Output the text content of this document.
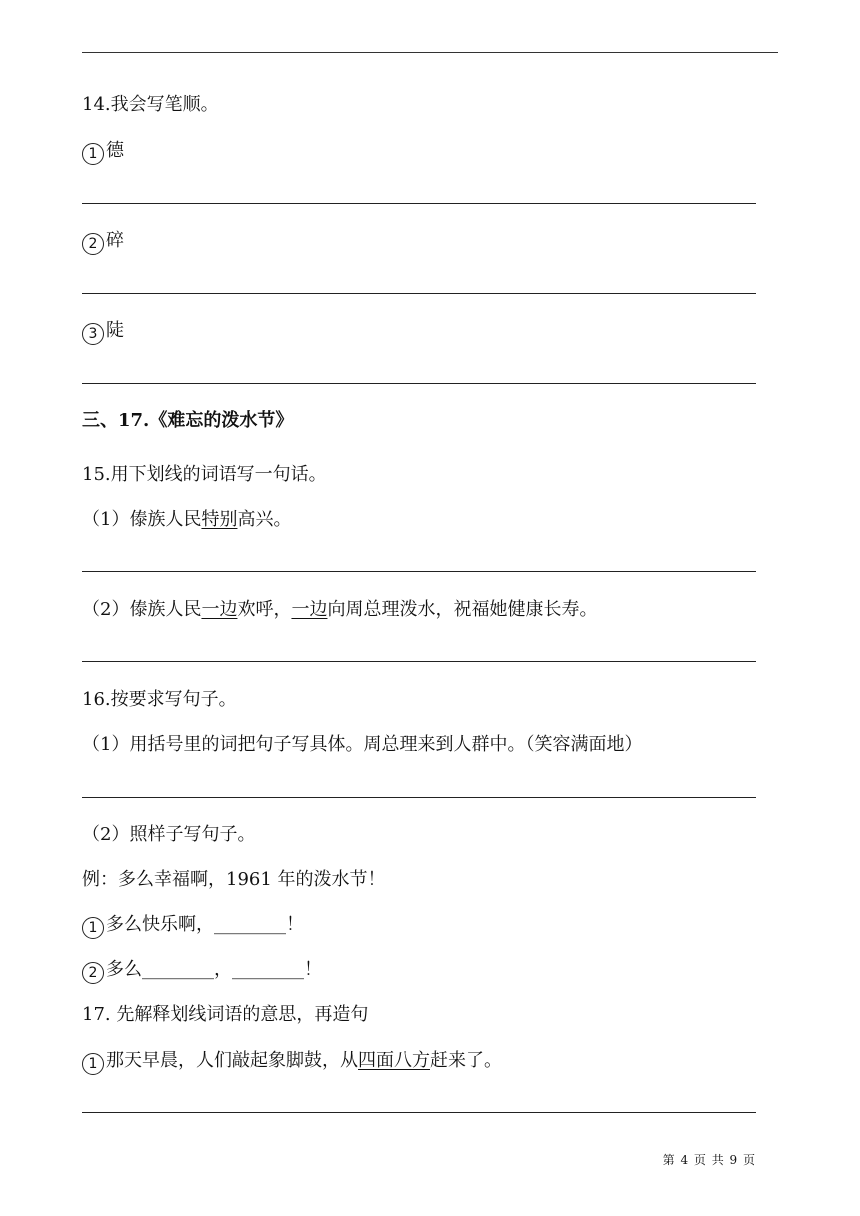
14.我会写笔顺。
1 德
2 碎
3 陡
三、17.《难忘的泼水节》
15.用下划线的词语写一句话。
（1）傣族人民特别高兴。
（2）傣族人民一边欢呼，一边向周总理泼水，祝福她健康长寿。
16.按要求写句子。
（1）用括号里的词把句子写具体。周总理来到人群中。（笑容满面地）
（2）照样子写句子。
例：多么幸福啊，1961 年的泼水节！
1 多么快乐啊，________！
2 多么________，________！
17. 先解释划线词语的意思，再造句
1 那天早晨，人们敲起象脚鼓，从四面八方赶来了。
第 4 页 共 9 页
